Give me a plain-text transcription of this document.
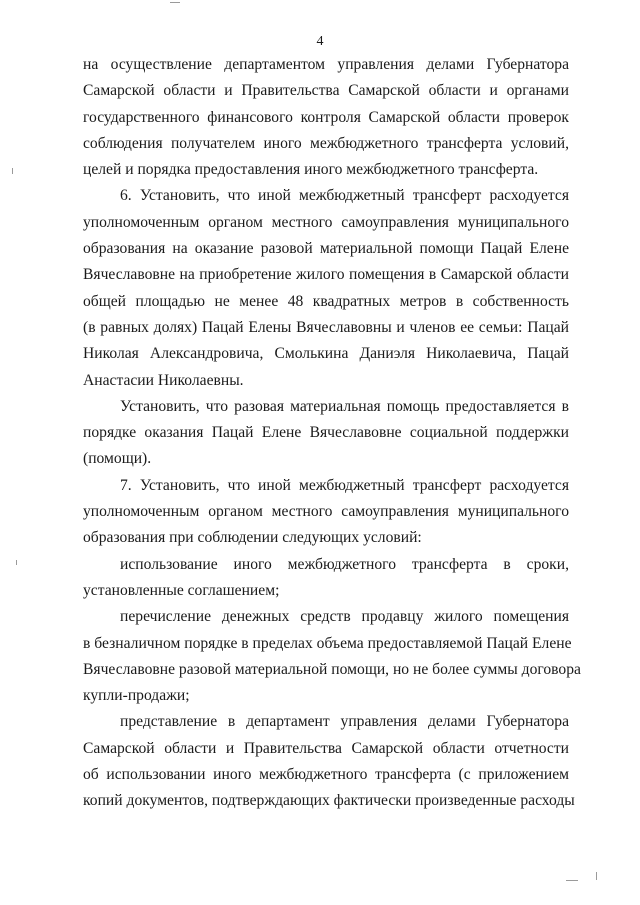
4
на осуществление департаментом управления делами Губернатора
Самарской области и Правительства Самарской области и органами
государственного финансового контроля Самарской области проверок
соблюдения получателем иного межбюджетного трансферта условий,
целей и порядка предоставления иного межбюджетного трансферта.
6. Установить, что иной межбюджетный трансферт расходуется
уполномоченным органом местного самоуправления муниципального
образования на оказание разовой материальной помощи Пацай Елене
Вячеславовне на приобретение жилого помещения в Самарской области
общей площадью не менее 48 квадратных метров в собственность
(в равных долях) Пацай Елены Вячеславовны и членов ее семьи: Пацай
Николая Александровича, Смолькина Даниэля Николаевича, Пацай
Анастасии Николаевны.
Установить, что разовая материальная помощь предоставляется в
порядке оказания Пацай Елене Вячеславовне социальной поддержки
(помощи).
7. Установить, что иной межбюджетный трансферт расходуется
уполномоченным органом местного самоуправления муниципального
образования при соблюдении следующих условий:
использование иного межбюджетного трансферта в сроки,
установленные соглашением;
перечисление денежных средств продавцу жилого помещения
в безналичном порядке в пределах объема предоставляемой Пацай Елене
Вячеславовне разовой материальной помощи, но не более суммы договора
купли-продажи;
представление в департамент управления делами Губернатора
Самарской области и Правительства Самарской области отчетности
об использовании иного межбюджетного трансферта (с приложением
копий документов, подтверждающих фактически произведенные расходы
